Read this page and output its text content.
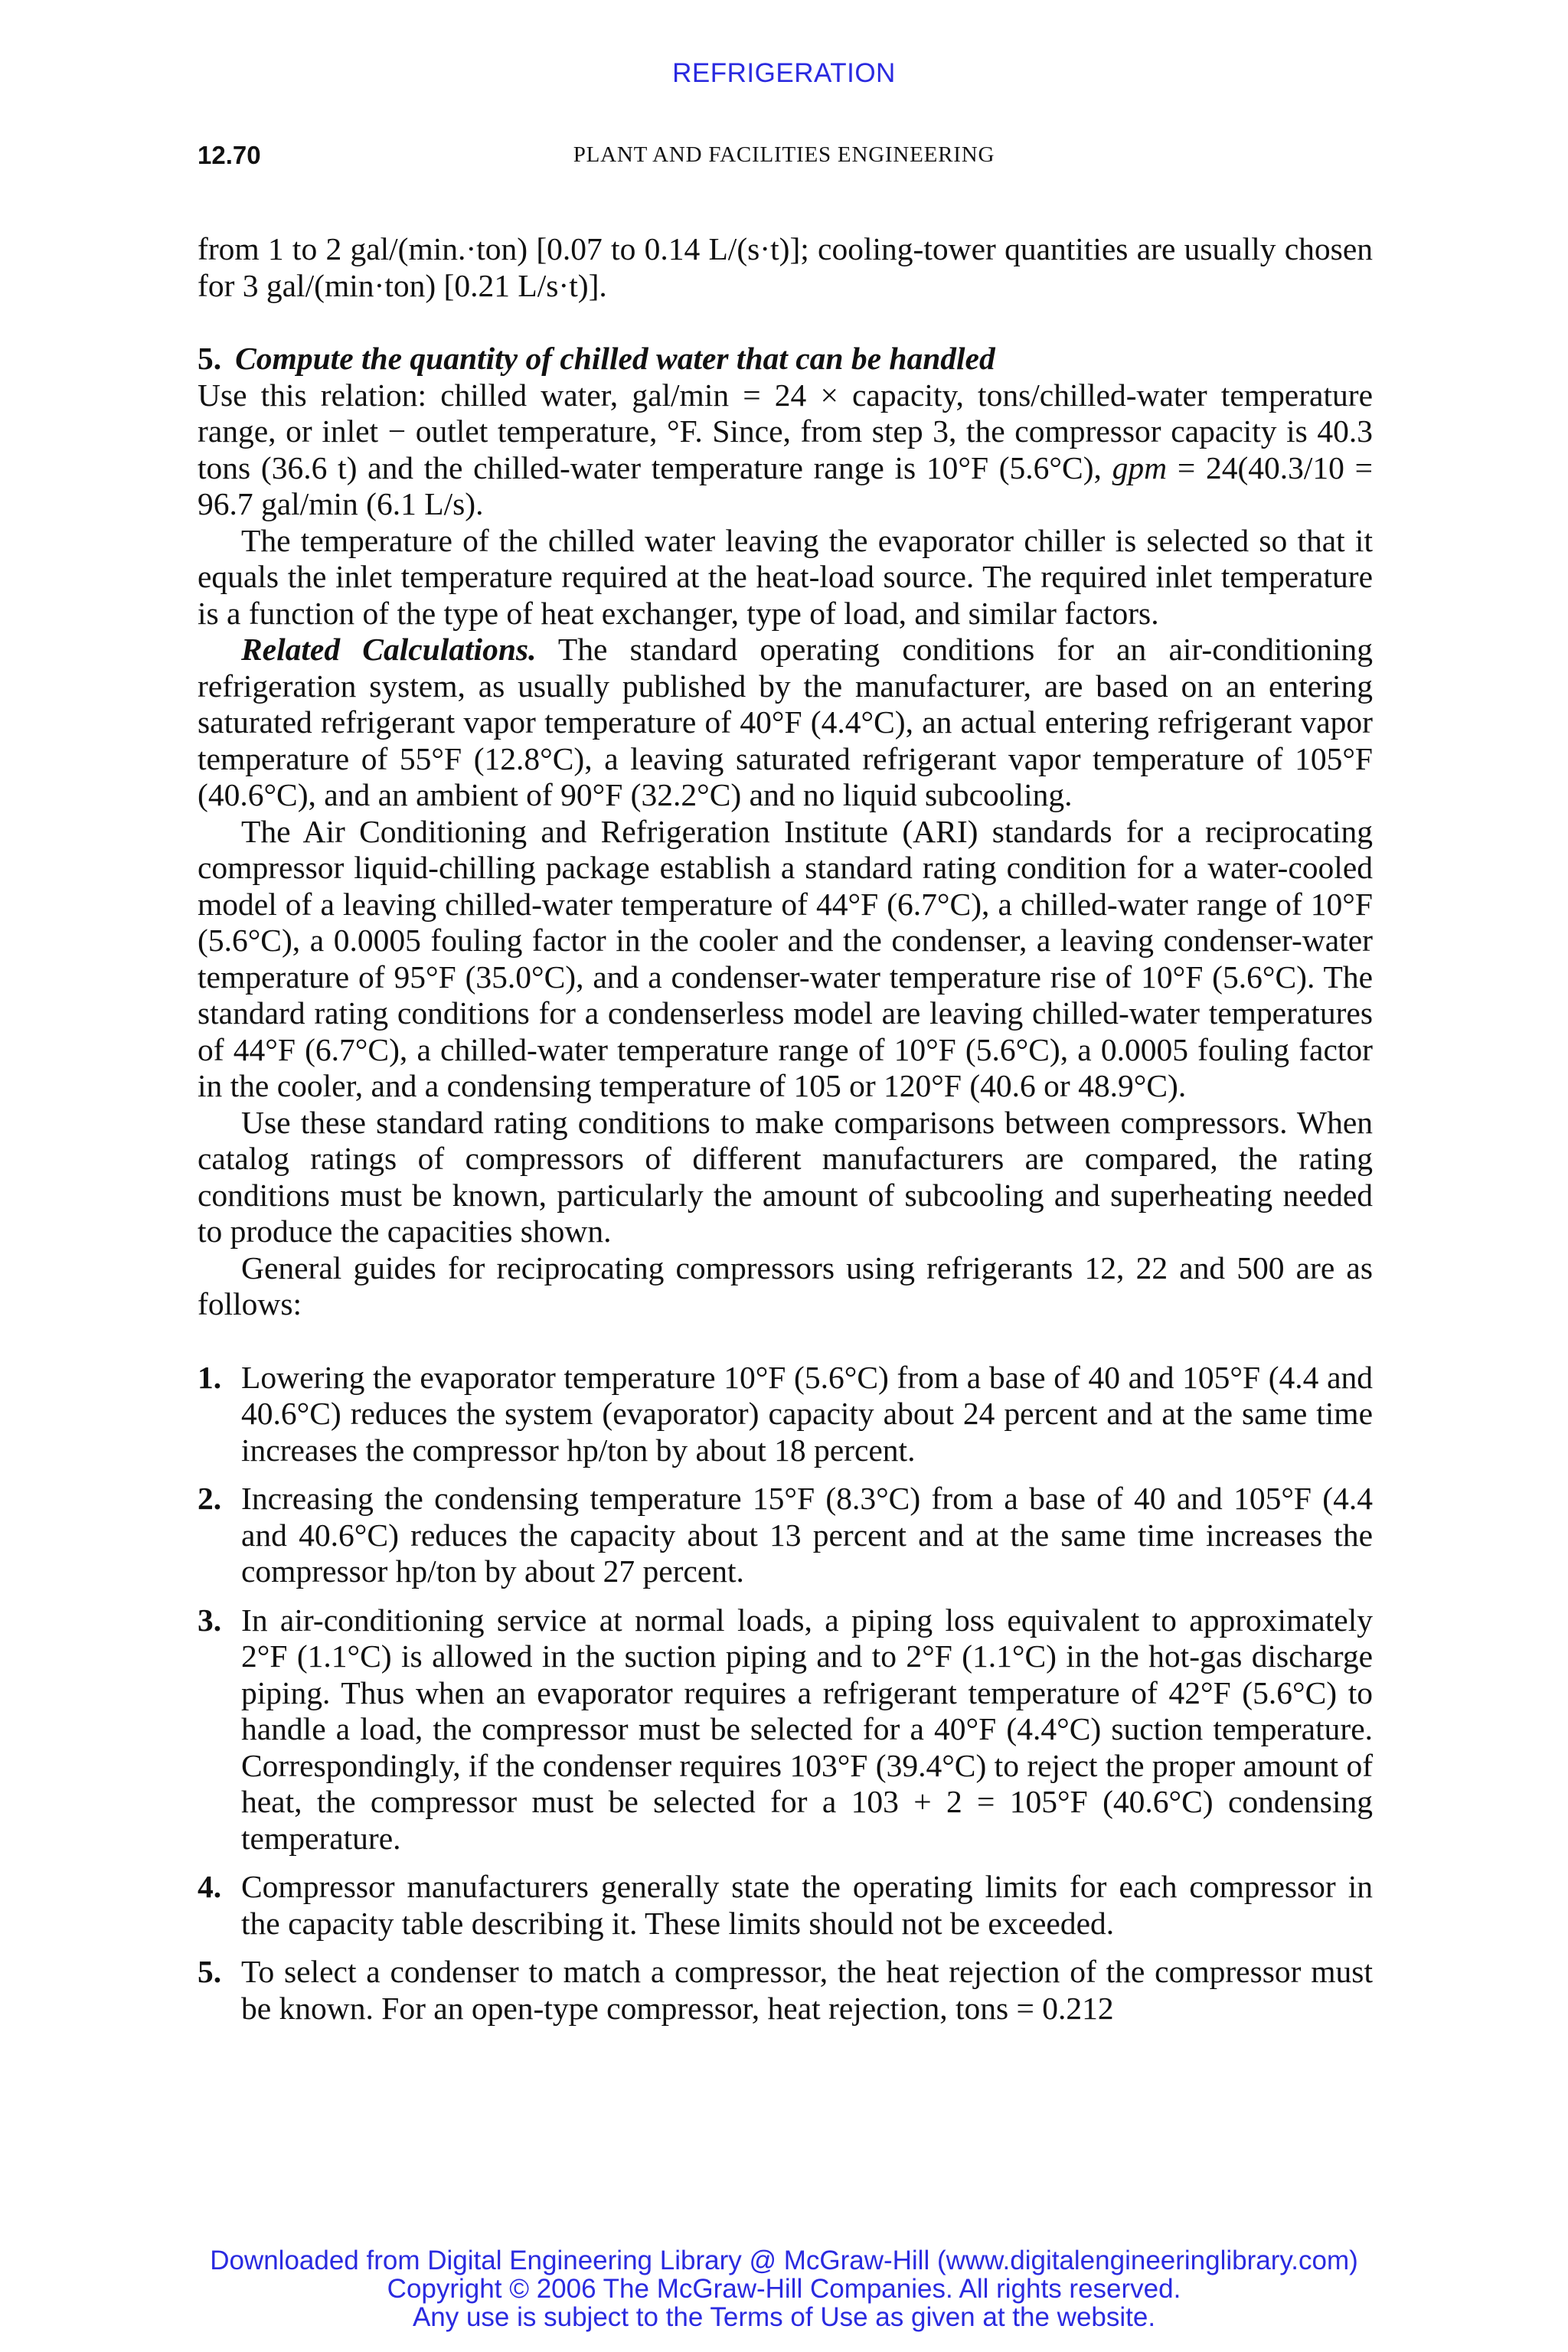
REFRIGERATION
12.70	PLANT AND FACILITIES ENGINEERING

from 1 to 2 gal/(min.·ton) [0.07 to 0.14 L/(s·t)]; cooling-tower quantities are usually chosen for 3 gal/(min·ton) [0.21 L/s·t)].

5. Compute the quantity of chilled water that can be handled

Use this relation: chilled water, gal/min = 24 × capacity, tons/chilled-water temperature range, or inlet − outlet temperature, °F. Since, from step 3, the compressor capacity is 40.3 tons (36.6 t) and the chilled-water temperature range is 10°F (5.6°C), gpm = 24(40.3/10 = 96.7 gal/min (6.1 L/s).

The temperature of the chilled water leaving the evaporator chiller is selected so that it equals the inlet temperature required at the heat-load source. The required inlet temperature is a function of the type of heat exchanger, type of load, and similar factors.

Related Calculations. The standard operating conditions for an air-conditioning refrigeration system, as usually published by the manufacturer, are based on an entering saturated refrigerant vapor temperature of 40°F (4.4°C), an actual entering refrigerant vapor temperature of 55°F (12.8°C), a leaving saturated refrigerant vapor temperature of 105°F (40.6°C), and an ambient of 90°F (32.2°C) and no liquid subcooling.

The Air Conditioning and Refrigeration Institute (ARI) standards for a reciprocating compressor liquid-chilling package establish a standard rating condition for a water-cooled model of a leaving chilled-water temperature of 44°F (6.7°C), a chilled-water range of 10°F (5.6°C), a 0.0005 fouling factor in the cooler and the condenser, a leaving condenser-water temperature of 95°F (35.0°C), and a condenser-water temperature rise of 10°F (5.6°C). The standard rating conditions for a condenserless model are leaving chilled-water temperatures of 44°F (6.7°C), a chilled-water temperature range of 10°F (5.6°C), a 0.0005 fouling factor in the cooler, and a condensing temperature of 105 or 120°F (40.6 or 48.9°C).

Use these standard rating conditions to make comparisons between compressors. When catalog ratings of compressors of different manufacturers are compared, the rating conditions must be known, particularly the amount of subcooling and superheating needed to produce the capacities shown.

General guides for reciprocating compressors using refrigerants 12, 22 and 500 are as follows:

1. Lowering the evaporator temperature 10°F (5.6°C) from a base of 40 and 105°F (4.4 and 40.6°C) reduces the system (evaporator) capacity about 24 percent and at the same time increases the compressor hp/ton by about 18 percent.
2. Increasing the condensing temperature 15°F (8.3°C) from a base of 40 and 105°F (4.4 and 40.6°C) reduces the capacity about 13 percent and at the same time increases the compressor hp/ton by about 27 percent.
3. In air-conditioning service at normal loads, a piping loss equivalent to approximately 2°F (1.1°C) is allowed in the suction piping and to 2°F (1.1°C) in the hot-gas discharge piping. Thus when an evaporator requires a refrigerant temperature of 42°F (5.6°C) to handle a load, the compressor must be selected for a 40°F (4.4°C) suction temperature. Correspondingly, if the condenser requires 103°F (39.4°C) to reject the proper amount of heat, the compressor must be selected for a 103 + 2 = 105°F (40.6°C) condensing temperature.
4. Compressor manufacturers generally state the operating limits for each compressor in the capacity table describing it. These limits should not be exceeded.
5. To select a condenser to match a compressor, the heat rejection of the compressor must be known. For an open-type compressor, heat rejection, tons = 0.212
Downloaded from Digital Engineering Library @ McGraw-Hill (www.digitalengineeringlibrary.com)
Copyright © 2006 The McGraw-Hill Companies. All rights reserved.
Any use is subject to the Terms of Use as given at the website.
